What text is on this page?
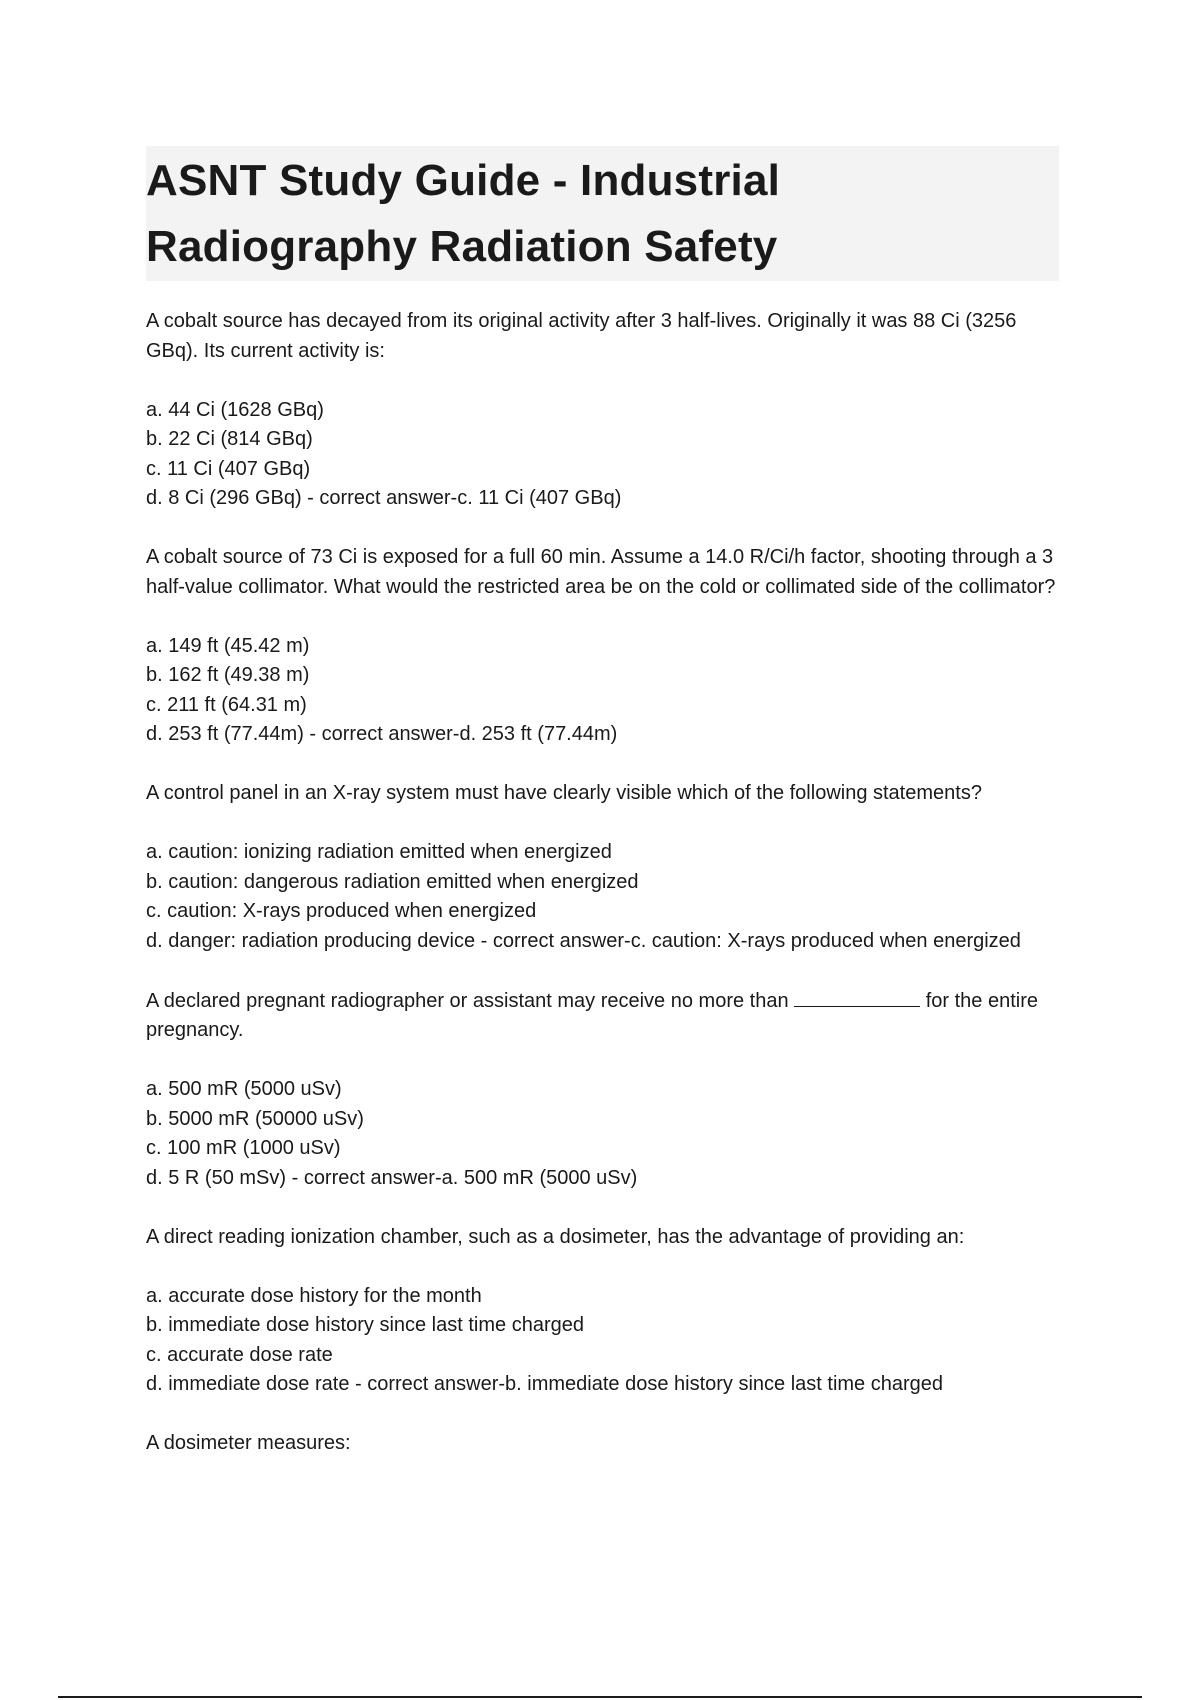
ASNT Study Guide - Industrial
Radiography Radiation Safety

A cobalt source has decayed from its original activity after 3 half-lives. Originally it was 88 Ci (3256 GBq). Its current activity is:

a. 44 Ci (1628 GBq)
b. 22 Ci (814 GBq)
c. 11 Ci (407 GBq)
d. 8 Ci (296 GBq) - correct answer-c. 11 Ci (407 GBq)

A cobalt source of 73 Ci is exposed for a full 60 min. Assume a 14.0 R/Ci/h factor, shooting through a 3 half-value collimator. What would the restricted area be on the cold or collimated side of the collimator?

a. 149 ft (45.42 m)
b. 162 ft (49.38 m)
c. 211 ft (64.31 m)
d. 253 ft (77.44m) - correct answer-d. 253 ft (77.44m)

A control panel in an X-ray system must have clearly visible which of the following statements?

a. caution: ionizing radiation emitted when energized
b. caution: dangerous radiation emitted when energized
c. caution: X-rays produced when energized
d. danger: radiation producing device - correct answer-c. caution: X-rays produced when energized

A declared pregnant radiographer or assistant may receive no more than	for the entire pregnancy.

a. 500 mR (5000 uSv)
b. 5000 mR (50000 uSv)
c. 100 mR (1000 uSv)
d. 5 R (50 mSv) - correct answer-a. 500 mR (5000 uSv)

A direct reading ionization chamber, such as a dosimeter, has the advantage of providing an:

a. accurate dose history for the month
b. immediate dose history since last time charged
c. accurate dose rate
d. immediate dose rate - correct answer-b. immediate dose history since last time charged

A dosimeter measures:
